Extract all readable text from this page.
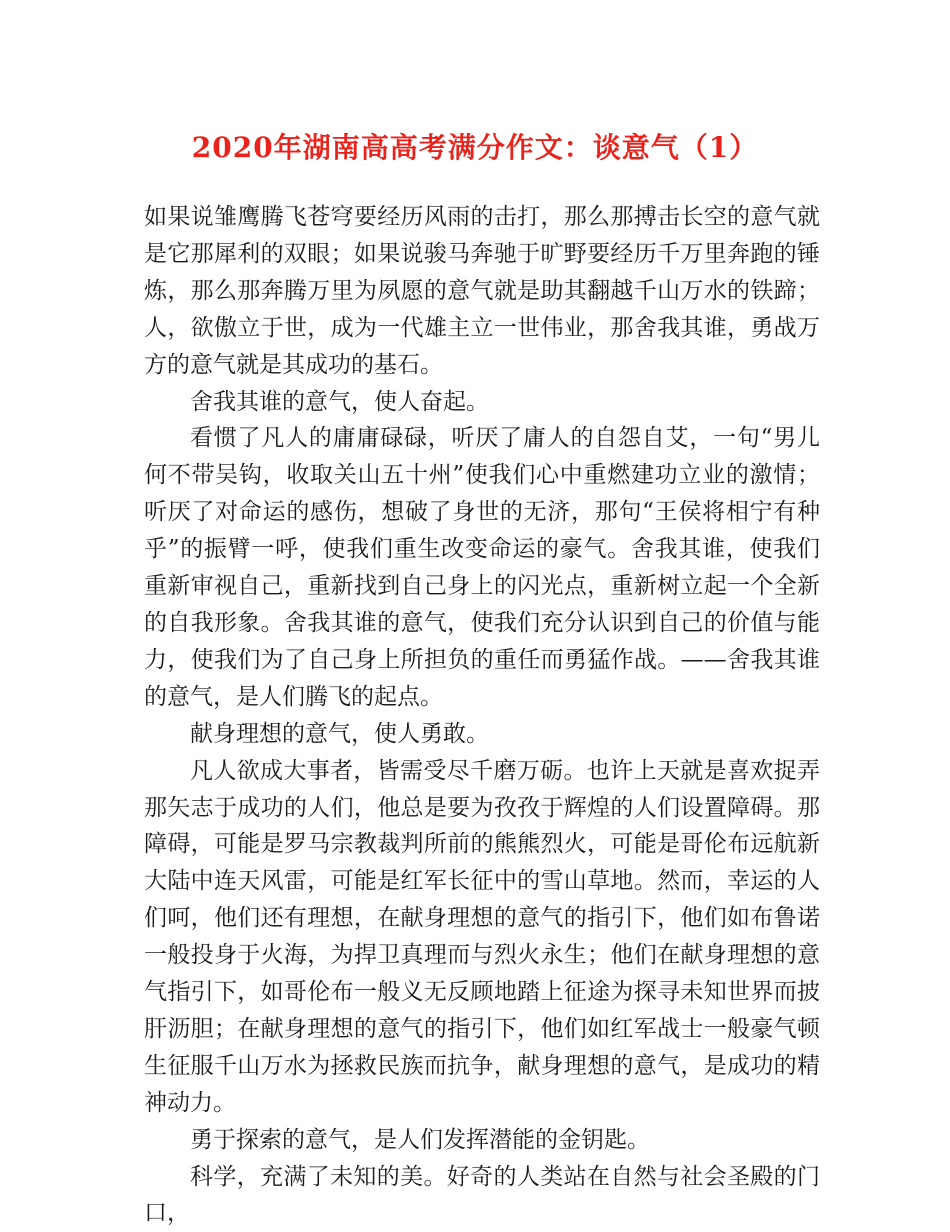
2020年湖南高高考满分作文：谈意气（1）

如果说雏鹰腾飞苍穹要经历风雨的击打，那么那搏击长空的意气就是它那犀利的双眼；如果说骏马奔驰于旷野要经历千万里奔跑的锤炼，那么那奔腾万里为夙愿的意气就是助其翻越千山万水的铁蹄；人，欲傲立于世，成为一代雄主立一世伟业，那舍我其谁，勇战万方的意气就是其成功的基石。

舍我其谁的意气，使人奋起。

看惯了凡人的庸庸碌碌，听厌了庸人的自怨自艾，一句“男儿何不带吴钩，收取关山五十州”使我们心中重燃建功立业的激情；听厌了对命运的感伤，想破了身世的无济，那句“王侯将相宁有种乎”的振臂一呼，使我们重生改变命运的豪气。舍我其谁，使我们重新审视自己，重新找到自己身上的闪光点，重新树立起一个全新的自我形象。舍我其谁的意气，使我们充分认识到自己的价值与能力，使我们为了自己身上所担负的重任而勇猛作战。——舍我其谁的意气，是人们腾飞的起点。

献身理想的意气，使人勇敢。

凡人欲成大事者，皆需受尽千磨万砺。也许上天就是喜欢捉弄那矢志于成功的人们，他总是要为孜孜于辉煌的人们设置障碍。那障碍，可能是罗马宗教裁判所前的熊熊烈火，可能是哥伦布远航新大陆中连天风雷，可能是红军长征中的雪山草地。然而，幸运的人们呵，他们还有理想，在献身理想的意气的指引下，他们如布鲁诺一般投身于火海，为捍卫真理而与烈火永生；他们在献身理想的意气指引下，如哥伦布一般义无反顾地踏上征途为探寻未知世界而披肝沥胆；在献身理想的意气的指引下，他们如红军战士一般豪气顿生征服千山万水为拯救民族而抗争，献身理想的意气，是成功的精神动力。

勇于探索的意气，是人们发挥潜能的金钥匙。

科学，充满了未知的美。好奇的人类站在自然与社会圣殿的门口，
